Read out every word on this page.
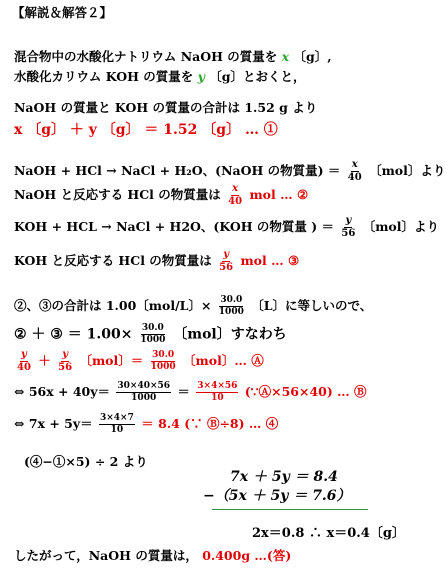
【解説＆解答２】
混合物中の水酸化ナトリウム NaOH の質量を x 〔g〕,
水酸化カリウム KOH の質量を y 〔g〕とおくと，
NaOH の質量と KOH の質量の合計は 1.52 g より
x 〔g〕 ＋ y 〔g〕 ＝ 1.52 〔g〕 … ①
NaOH + HCl → NaCl + H₂O、(NaOH の物質量) ＝ $\frac{x}{40}$ 〔mol〕より
NaOH と反応する HCl の物質量は $\frac{x}{40}$ mol … ②
KOH + HCL → NaCl + H2O、(KOH の物質量 ) ＝ $\frac{y}{56}$ 〔mol〕より
KOH と反応する HCl の物質量は $\frac{y}{56}$ mol … ③
②、③の合計は 1.00〔mol/L〕× $\frac{30.0}{1000}$ 〔L〕に等しいので、
② ＋ ③ ＝ $1.00\times \frac{30.0}{1000}$ 〔mol〕すなわち
$\frac{y}{40} + \frac{y}{56}$ 〔mol〕＝ $\frac{30.0}{1000}$ 〔mol〕… Ⓐ
⇔ $56x + 40y= \frac{30\times 40\times 56}{1000} = \frac{3\times 4\times 56}{10}$ (∵Ⓐ×56×40) … Ⓑ
⇔ $7x + 5y= \frac{3\times 4\times 7}{10} = 8.4$ (∵ Ⓑ÷8) … ④
(④−①×5) ÷ 2 より
7x ＋ 5y ＝ 8.4
−（5x ＋ 5y ＝ 7.6）
2x＝0.8 ∴ x＝0.4〔g〕
したがって，NaOH の質量は， 0.400g …(答)
